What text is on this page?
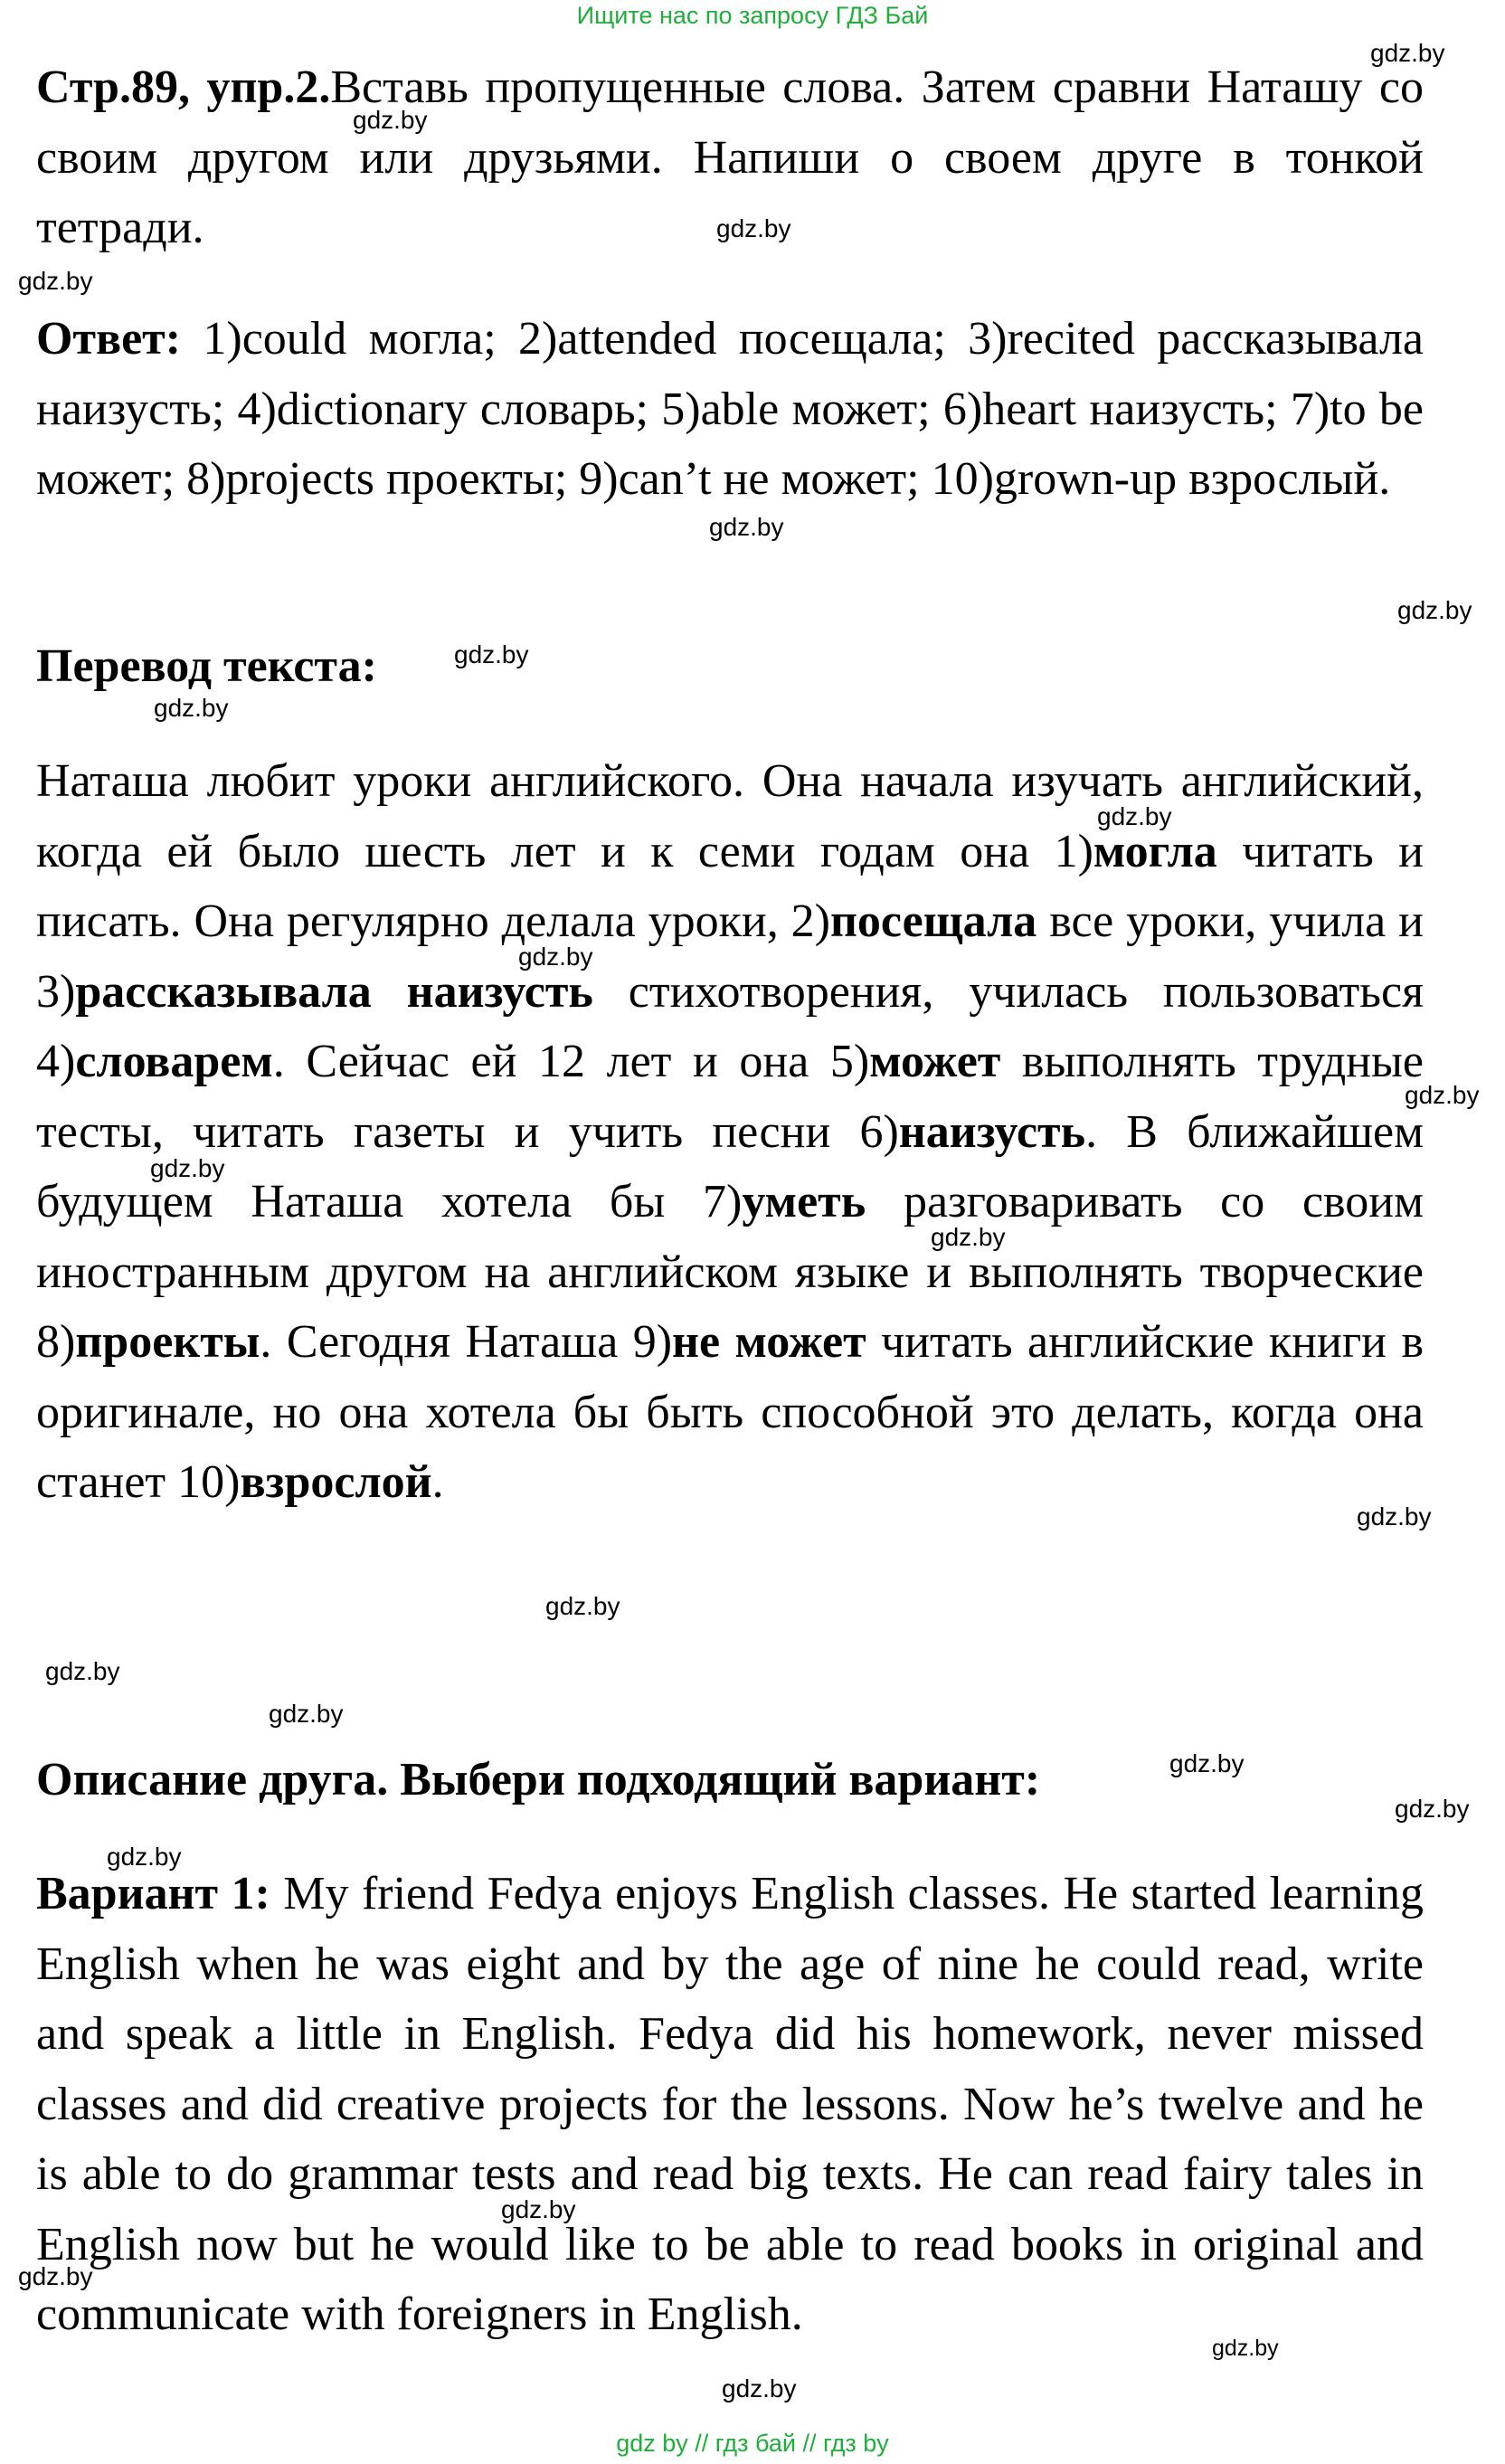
Ищите нас по запросу ГДЗ Бай
Стр.89, упр.2.Вставь пропущенные слова. Затем сравни Наташу со своим другом или друзьями. Напиши о своем друге в тонкой тетради.
Ответ: 1)could могла; 2)attended посещала; 3)recited рассказывала наизусть; 4)dictionary словарь; 5)able может; 6)heart наизусть; 7)to be может; 8)projects проекты; 9)can’t не может; 10)grown-up взрослый.
Перевод текста:
Наташа любит уроки английского. Она начала изучать английский, когда ей было шесть лет и к семи годам она 1)могла читать и писать. Она регулярно делала уроки, 2)посещала все уроки, учила и 3)рассказывала наизусть стихотворения, училась пользоваться 4)словарем. Сейчас ей 12 лет и она 5)может выполнять трудные тесты, читать газеты и учить песни 6)наизусть. В ближайшем будущем Наташа хотела бы 7)уметь разговаривать со своим иностранным другом на английском языке и выполнять творческие 8)проекты. Сегодня Наташа 9)не может читать английские книги в оригинале, но она хотела бы быть способной это делать, когда она станет 10)взрослой.
Описание друга. Выбери подходящий вариант:
Вариант 1: My friend Fedya enjoys English classes. He started learning English when he was eight and by the age of nine he could read, write and speak a little in English. Fedya did his homework, never missed classes and did creative projects for the lessons. Now he’s twelve and he is able to do grammar tests and read big texts. He can read fairy tales in English now but he would like to be able to read books in original and communicate with foreigners in English.
gdz.by
gdz.by
gdz.by
gdz.by
gdz.by
gdz.by
gdz.by
gdz.by
gdz.by
gdz.by
gdz.by
gdz.by
gdz.by
gdz.by
gdz.by
gdz.by
gdz.by
gdz.by
gdz.by
gdz.by
gdz.by
gdz.by
gdz.by
gdz.by
gdz by // гдз бай // гдз by
